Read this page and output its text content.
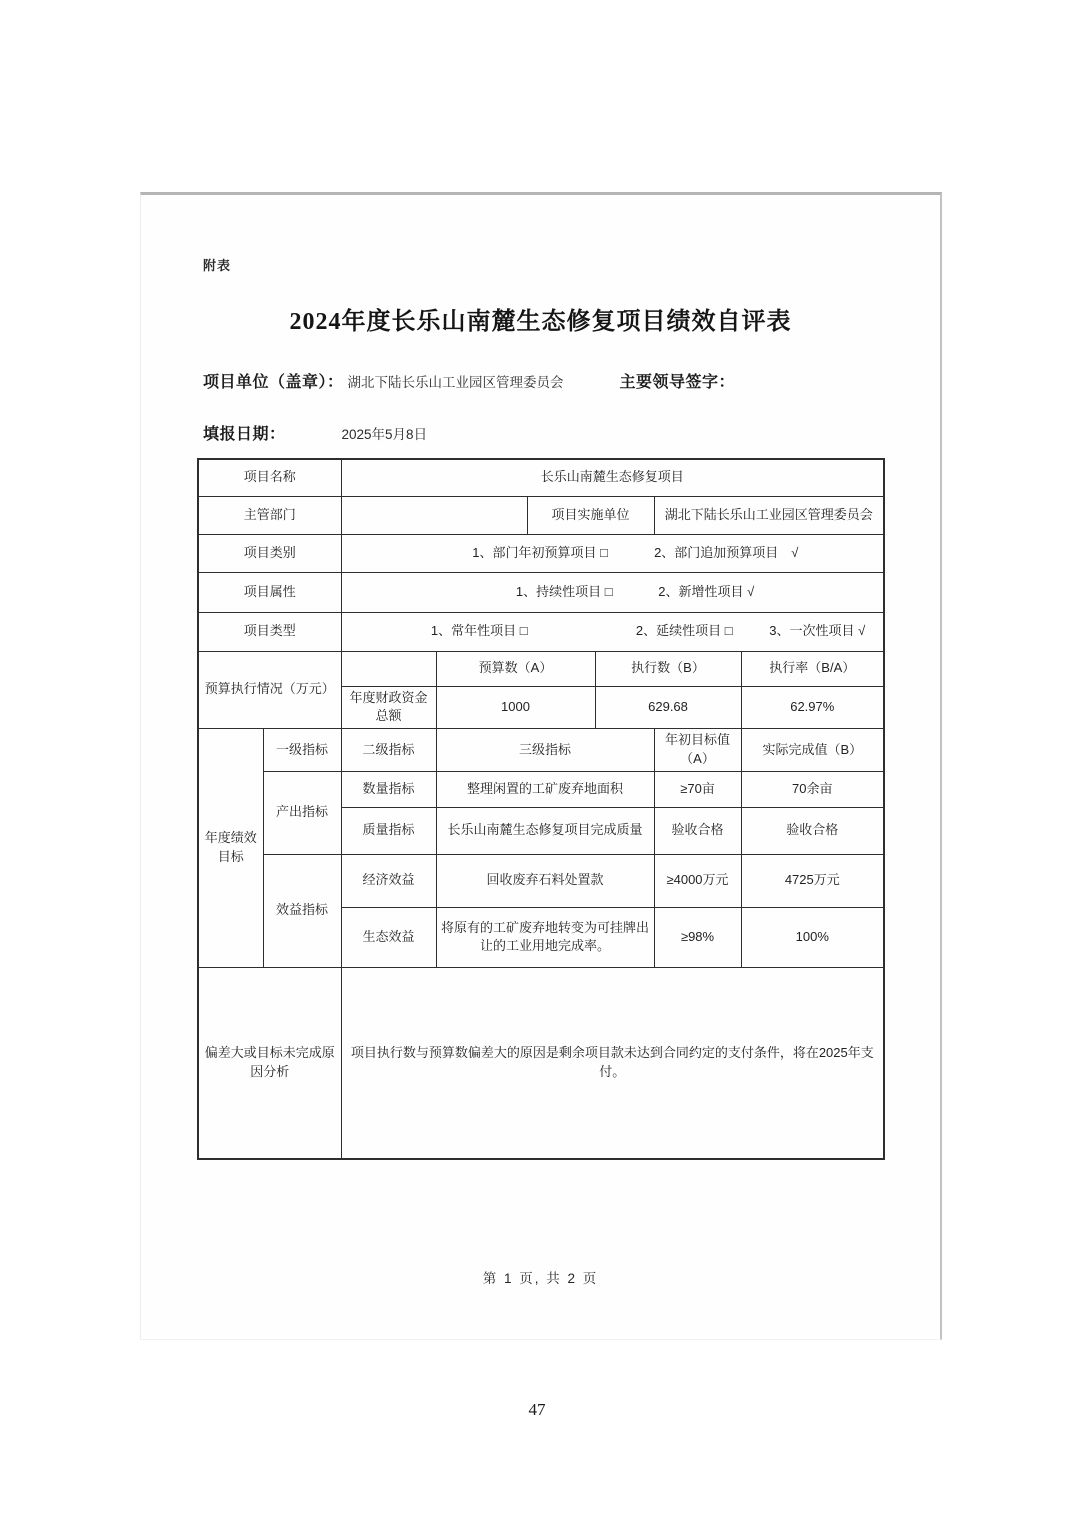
附表
2024年度长乐山南麓生态修复项目绩效自评表
项目单位（盖章）： 湖北下陆长乐山工业园区管理委员会	主要领导签字：
填报日期：	2025年5月8日
项目名称		长乐山南麓生态修复项目					
主管部门				项目实施单位		湖北下陆长乐山工业园区管理委员会	
项目类别		1、部门年初预算项目 □ 2、部门追加预算项目　√					
项目属性		1、持续性项目 □ 2、新增性项目 √					
项目类型		1、常年性项目 □ 2、延续性项目 □ 3、一次性项目 √					
预算执行情况（万元）			预算数（A）		执行数（B）		执行率（B/A）
		年度财政资金总额	1000		629.68		62.97%
年度绩效目标	一级指标	二级指标	三级指标			年初目标值（A）	实际完成值（B）
	产出指标	数量指标	整理闲置的工矿废弃地面积			≥70亩	70余亩
		质量指标	长乐山南麓生态修复项目完成质量			验收合格	验收合格
	效益指标	经济效益	回收废弃石料处置款			≥4000万元	4725万元
		生态效益	将原有的工矿废弃地转变为可挂牌出让的工业用地完成率。			≥98%	100%
偏差大或目标未完成原因分析		项目执行数与预算数偏差大的原因是剩余项目款未达到合同约定的支付条件，将在2025年支付。					
第 1 页, 共 2 页
47
